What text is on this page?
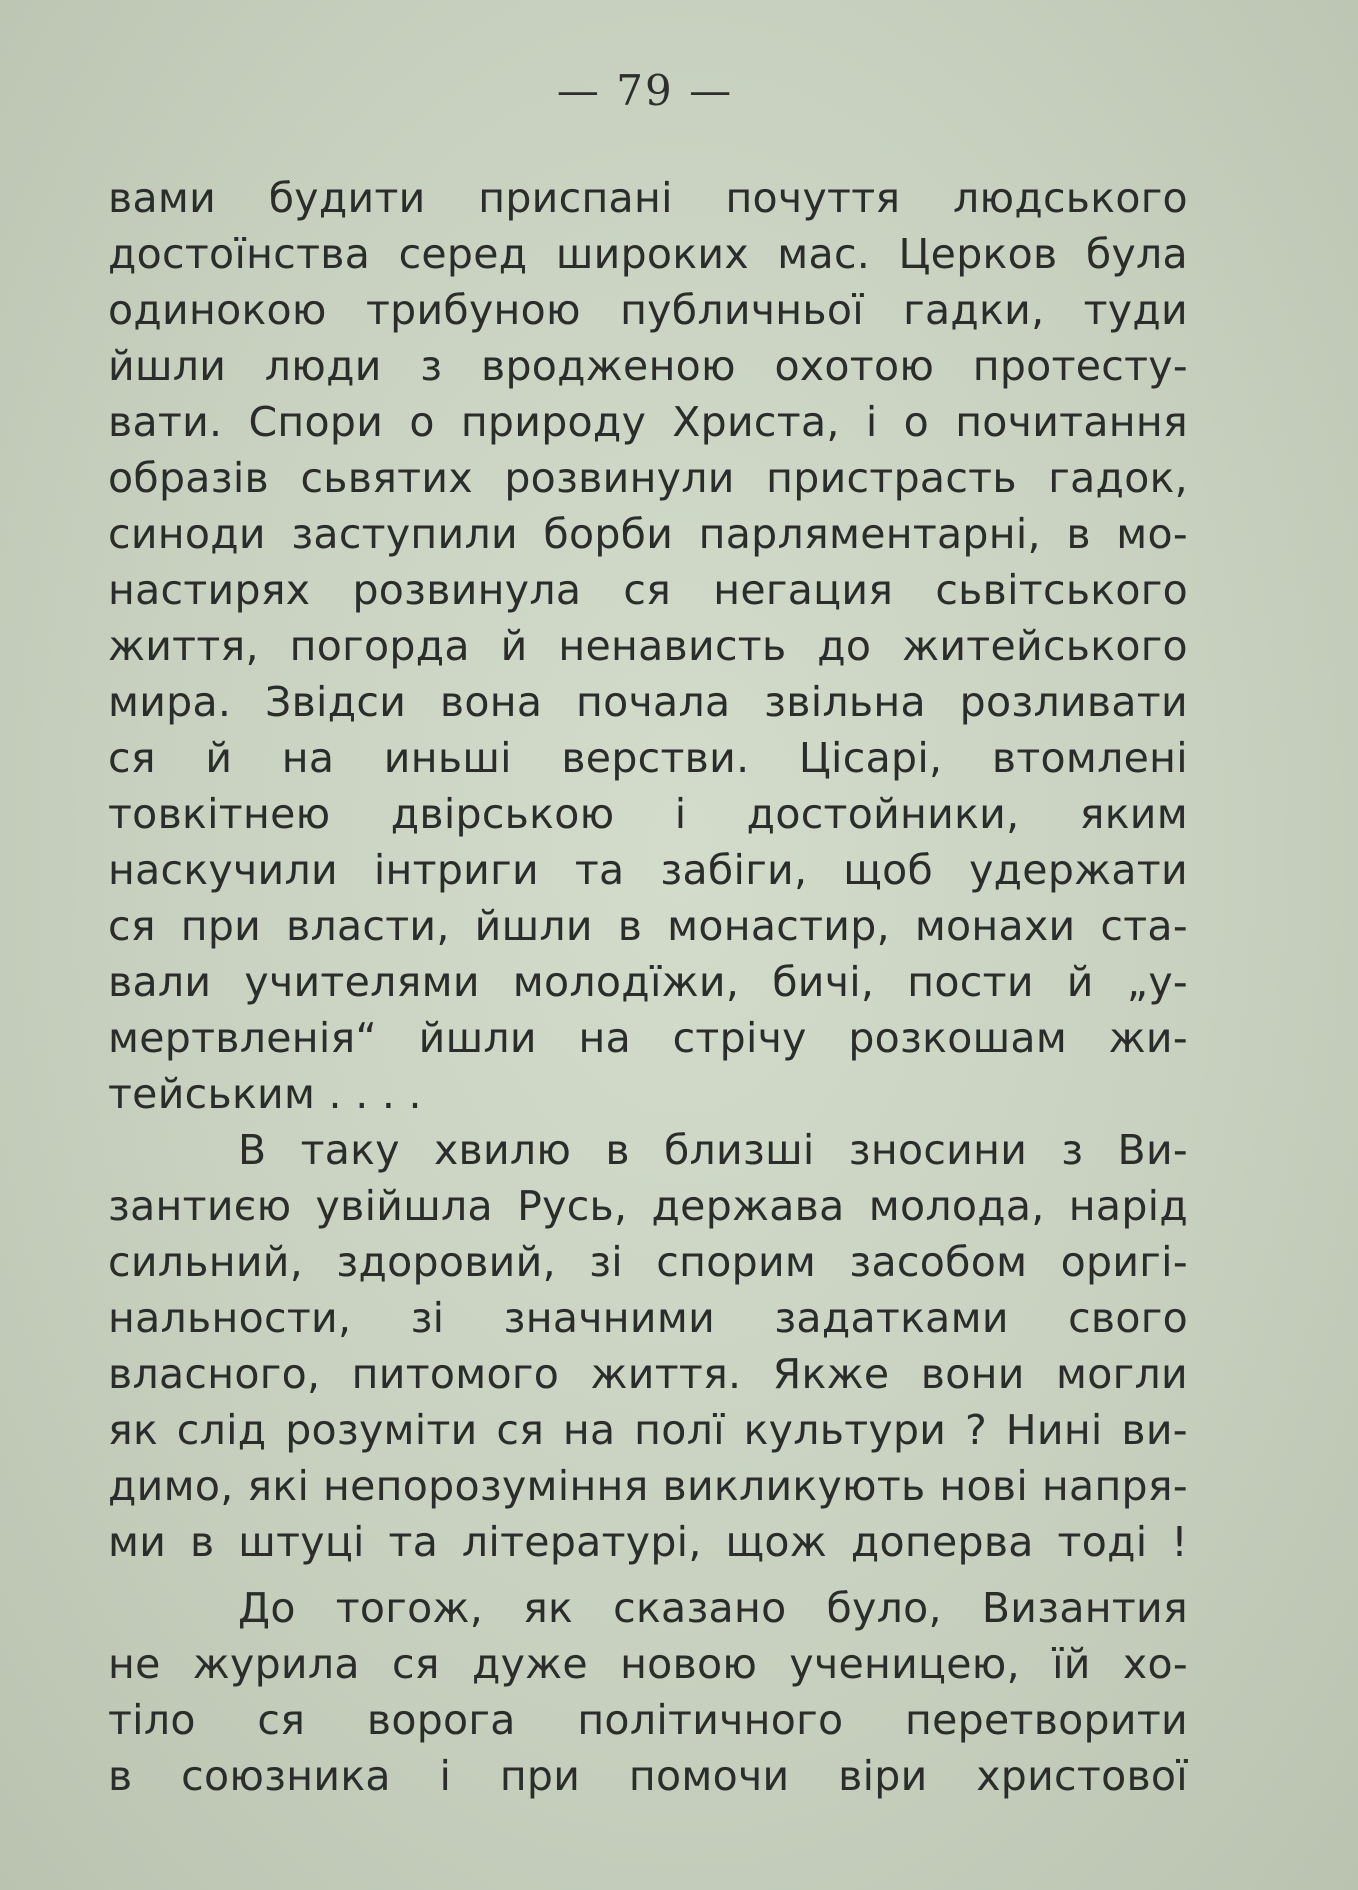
— 79 —
вами будити приспані почуття людського
достоїнства серед широких мас. Церков була
одинокою трибуною публичньої гадки, туди
йшли люди з вродженою охотою протесту-
вати. Спори о природу Христа, і о почитання
образів сьвятих розвинули пристрасть гадок,
синоди заступили борби парляментарні, в мо-
настирях розвинула ся негация сьвітського
життя, погорда й ненависть до житейського
мира. Звідси вона почала звільна розливати
ся й на иньші верстви. Цісарі, втомлені
товкітнею двірською і достойники, яким
наскучили інтриги та забіги, щоб удержати
ся при власти, йшли в монастир, монахи ста-
вали учителями молодїжи, бичі, пости й „у-
мертвленія“ йшли на стрічу розкошам жи-
тейським . . . .
В таку хвилю в близші зносини з Ви-
зантиєю увійшла Русь, держава молода, нарід
сильний, здоровий, зі спорим засобом оригі-
нальности, зі значними задатками свого
власного, питомого життя. Якже вони могли
як слід розуміти ся на полї культури ? Нині ви-
димо, які непорозуміння викликують нові напря-
ми в штуці та літературі, щож доперва тоді !
До тогож, як сказано було, Византия
не журила ся дуже новою ученицею, їй хо-
тіло ся ворога політичного перетворити
в союзника і при помочи віри христової
